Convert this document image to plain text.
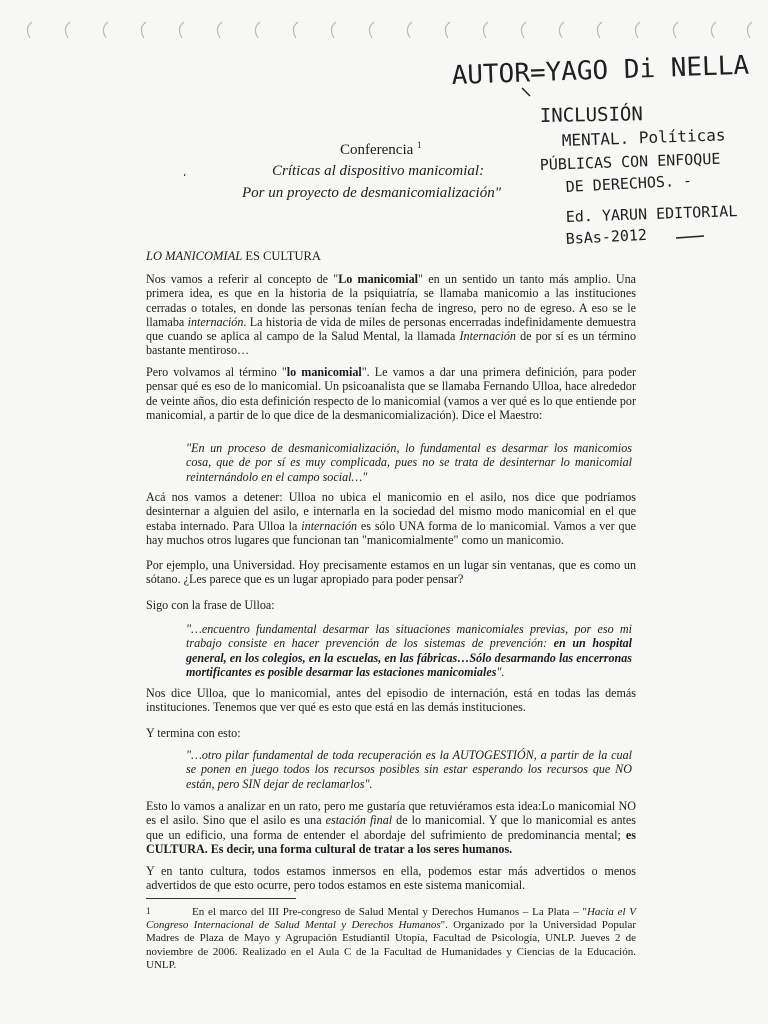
AUTOR=YAGO Di NELLA
INCLUSIÓN
MENTAL. Políticas
PÚBLICAS CON ENFOQUE
DE DERECHOS. -
Ed. YARUN EDITORIAL
BsAs-2012
Conferencia $^1$
،	Críticas al dispositivo manicomial:
Por un proyecto de desmanicomialización"
LO MANICOMIAL ES CULTURA
Nos vamos a referir al concepto de "Lo manicomial" en un sentido un tanto más amplio. Una primera idea, es que en la historia de la psiquiatría, se llamaba manicomio a las instituciones cerradas o totales, en donde las personas tenían fecha de ingreso, pero no de egreso. A eso se le llamaba internación. La historia de vida de miles de personas encerradas indefinidamente demuestra que cuando se aplica al campo de la Salud Mental, la llamada Internación de por sí es un término bastante mentiroso…
Pero volvamos al término "lo manicomial". Le vamos a dar una primera definición, para poder pensar qué es eso de lo manicomial. Un psicoanalista que se llamaba Fernando Ulloa, hace alrededor de veinte años, dio esta definición respecto de lo manicomial (vamos a ver qué es lo que entiende por manicomial, a partir de lo que dice de la desmanicomialización). Dice el Maestro:
"En un proceso de desmanicomialización, lo fundamental es desarmar los manicomios cosa, que de por sí es muy complicada, pues no se trata de desinternar lo manicomial reinternándolo en el campo social…"
Acá nos vamos a detener: Ulloa no ubica el manicomio en el asilo, nos dice que podríamos desinternar a alguien del asilo, e internarla en la sociedad del mismo modo manicomial en el que estaba internado. Para Ulloa la internación es sólo UNA forma de lo manicomial. Vamos a ver que hay muchos otros lugares que funcionan tan "manicomialmente" como un manicomio.
Por ejemplo, una Universidad. Hoy precisamente estamos en un lugar sin ventanas, que es como un sótano. ¿Les parece que es un lugar apropiado para poder pensar?
Sigo con la frase de Ulloa:
"…encuentro fundamental desarmar las situaciones manicomiales previas, por eso mi trabajo consiste en hacer prevención de los sistemas de prevención: en un hospital general, en los colegios, en la escuelas, en las fábricas…Sólo desarmando las encerronas mortificantes es posible desarmar las estaciones manicomiales".
Nos dice Ulloa, que lo manicomial, antes del episodio de internación, está en todas las demás instituciones. Tenemos que ver qué es esto que está en las demás instituciones.
Y termina con esto:
"…otro pilar fundamental de toda recuperación es la AUTOGESTIÓN, a partir de la cual se ponen en juego todos los recursos posibles sin estar esperando los recursos que NO están, pero SIN dejar de reclamarlos".
Esto lo vamos a analizar en un rato, pero me gustaría que retuviéramos esta idea:Lo manicomial NO es el asilo. Sino que el asilo es una estación final de lo manicomial. Y que lo manicomial es antes que un edificio, una forma de entender el abordaje del sufrimiento de predominancia mental; es CULTURA. Es decir, una forma cultural de tratar a los seres humanos.
Y en tanto cultura, todos estamos inmersos en ella, podemos estar más advertidos o menos advertidos de que esto ocurre, pero todos estamos en este sistema manicomial.
1	En el marco del III Pre-congreso de Salud Mental y Derechos Humanos – La Plata – "Hacia el V Congreso Internacional de Salud Mental y Derechos Humanos". Organizado por la Universidad Popular Madres de Plaza de Mayo y Agrupación Estudiantil Utopía, Facultad de Psicología, UNLP. Jueves 2 de noviembre de 2006. Realizado en el Aula C de la Facultad de Humanidades y Ciencias de la Educación. UNLP.
